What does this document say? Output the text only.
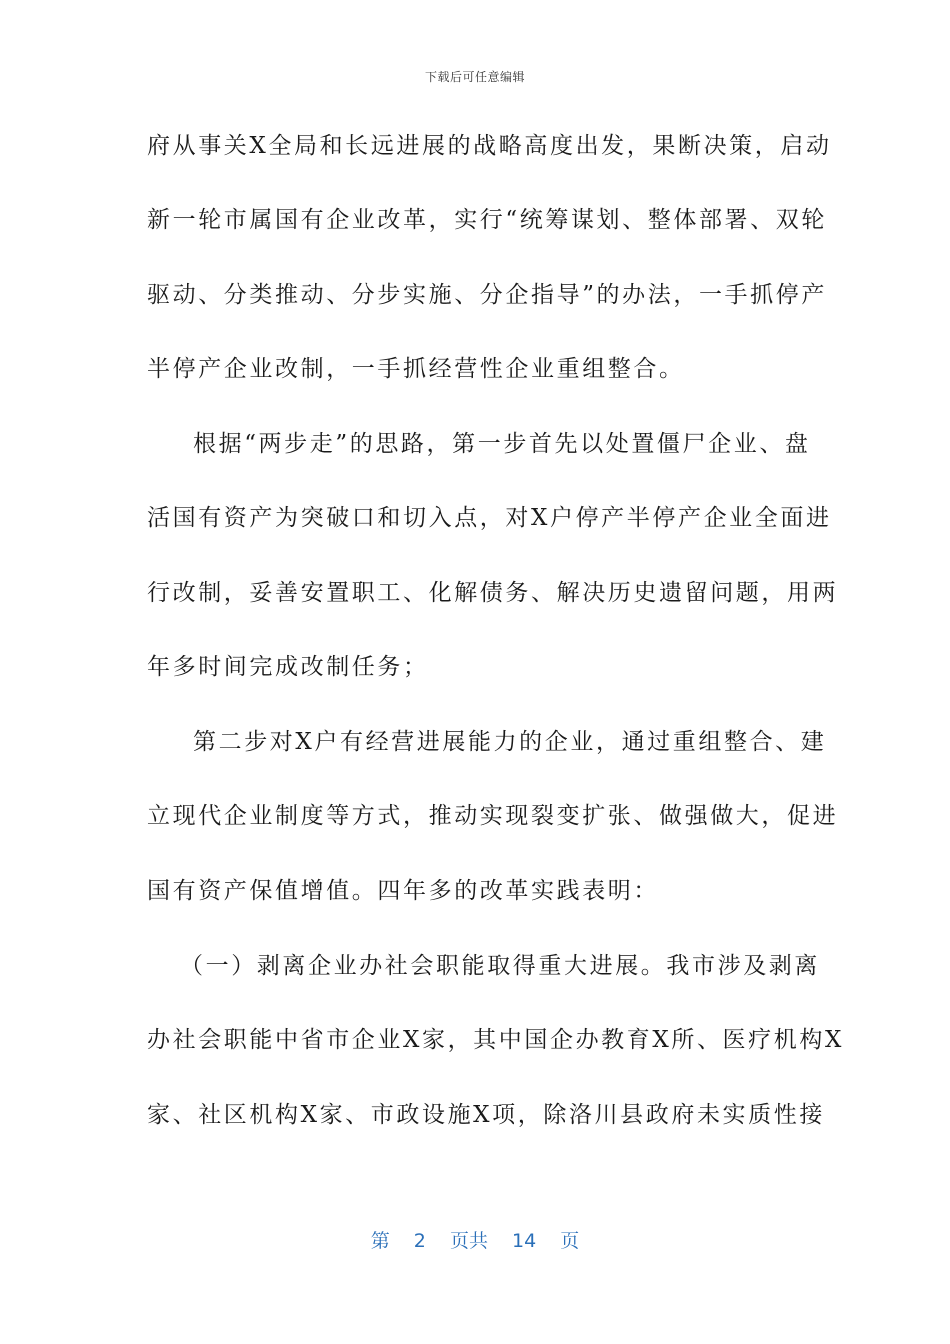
下载后可任意编辑
府从事关X全局和长远进展的战略高度出发，果断决策，启动
新一轮市属国有企业改革，实行“统筹谋划、整体部署、双轮
驱动、分类推动、分步实施、分企指导”的办法，一手抓停产
半停产企业改制，一手抓经营性企业重组整合。
根据“两步走”的思路，第一步首先以处置僵尸企业、盘
活国有资产为突破口和切入点，对X户停产半停产企业全面进
行改制，妥善安置职工、化解债务、解决历史遗留问题，用两
年多时间完成改制任务；
第二步对X户有经营进展能力的企业，通过重组整合、建
立现代企业制度等方式，推动实现裂变扩张、做强做大，促进
国有资产保值增值。四年多的改革实践表明：
（一）剥离企业办社会职能取得重大进展。我市涉及剥离
办社会职能中省市企业X家，其中国企办教育X所、医疗机构X
家、社区机构X家、市政设施X项，除洛川县政府未实质性接
第 2 页共 14 页
